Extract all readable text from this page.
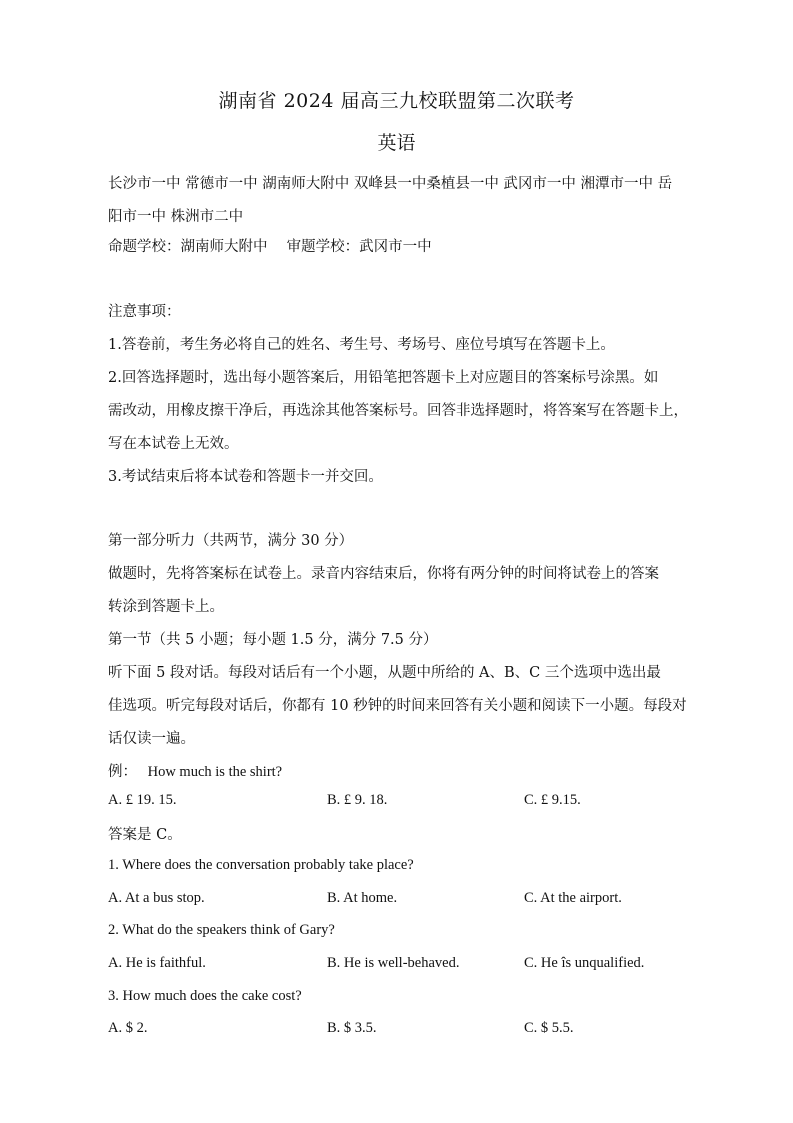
湖南省 2024 届高三九校联盟第二次联考
英语
长沙市一中 常德市一中 湖南师大附中 双峰县一中桑植县一中 武冈市一中 湘潭市一中 岳
阳市一中 株洲市二中
命题学校：湖南师大附中　 审题学校：武冈市一中
注意事项：
1.答卷前，考生务必将自己的姓名、考生号、考场号、座位号填写在答题卡上。
2.回答选择题时，选出每小题答案后，用铅笔把答题卡上对应题目的答案标号涂黑。如
需改动，用橡皮擦干净后，再选涂其他答案标号。回答非选择题时，将答案写在答题卡上，
写在本试卷上无效。
3.考试结束后将本试卷和答题卡一并交回。
第一部分听力（共两节，满分 30 分）
做题时，先将答案标在试卷上。录音内容结束后，你将有两分钟的时间将试卷上的答案
转涂到答题卡上。
第一节（共 5 小题；每小题 1.5 分，满分 7.5 分）
听下面 5 段对话。每段对话后有一个小题，从题中所给的 A、B、C 三个选项中选出最
佳选项。听完每段对话后，你都有 10 秒钟的时间来回答有关小题和阅读下一小题。每段对
话仅读一遍。
例： How much is the shirt?
A. £ 19. 15.	B. £ 9. 18.	C. £ 9.15.
答案是 C。
1. Where does the conversation probably take place?
A. At a bus stop.	B. At home.	C. At the airport.
2. What do the speakers think of Gary?
A. He is faithful.	B. He is well-behaved.	C. He îs unqualified.
3. How much does the cake cost?
A. $ 2.	B. $ 3.5.	C. $ 5.5.
